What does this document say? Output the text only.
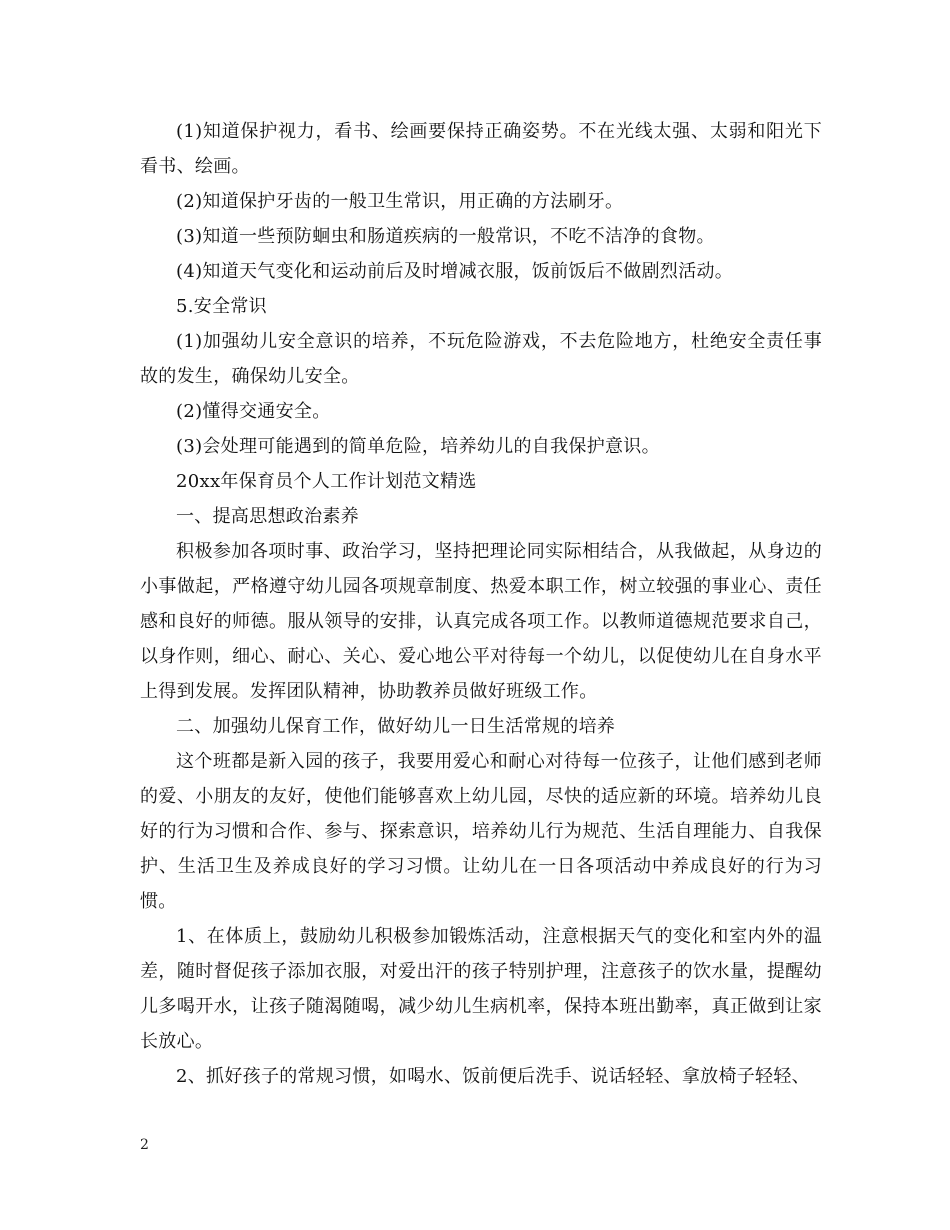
(1)知道保护视力，看书、绘画要保持正确姿势。不在光线太强、太弱和阳光下看书、绘画。

(2)知道保护牙齿的一般卫生常识，用正确的方法刷牙。

(3)知道一些预防蛔虫和肠道疾病的一般常识，不吃不洁净的食物。

(4)知道天气变化和运动前后及时增减衣服，饭前饭后不做剧烈活动。

5.安全常识

(1)加强幼儿安全意识的培养，不玩危险游戏，不去危险地方，杜绝安全责任事故的发生，确保幼儿安全。

(2)懂得交通安全。

(3)会处理可能遇到的简单危险，培养幼儿的自我保护意识。

20xx年保育员个人工作计划范文精选

一、提高思想政治素养

积极参加各项时事、政治学习，坚持把理论同实际相结合，从我做起，从身边的小事做起，严格遵守幼儿园各项规章制度、热爱本职工作，树立较强的事业心、责任感和良好的师德。服从领导的安排，认真完成各项工作。以教师道德规范要求自己，以身作则，细心、耐心、关心、爱心地公平对待每一个幼儿，以促使幼儿在自身水平上得到发展。发挥团队精神，协助教养员做好班级工作。

二、加强幼儿保育工作，做好幼儿一日生活常规的培养

这个班都是新入园的孩子，我要用爱心和耐心对待每一位孩子，让他们感到老师的爱、小朋友的友好，使他们能够喜欢上幼儿园，尽快的适应新的环境。培养幼儿良好的行为习惯和合作、参与、探索意识，培养幼儿行为规范、生活自理能力、自我保护、生活卫生及养成良好的学习习惯。让幼儿在一日各项活动中养成良好的行为习惯。

1、在体质上，鼓励幼儿积极参加锻炼活动，注意根据天气的变化和室内外的温差，随时督促孩子添加衣服，对爱出汗的孩子特别护理，注意孩子的饮水量，提醒幼儿多喝开水，让孩子随渴随喝，减少幼儿生病机率，保持本班出勤率，真正做到让家长放心。

2、抓好孩子的常规习惯，如喝水、饭前便后洗手、说话轻轻、拿放椅子轻轻、

2
